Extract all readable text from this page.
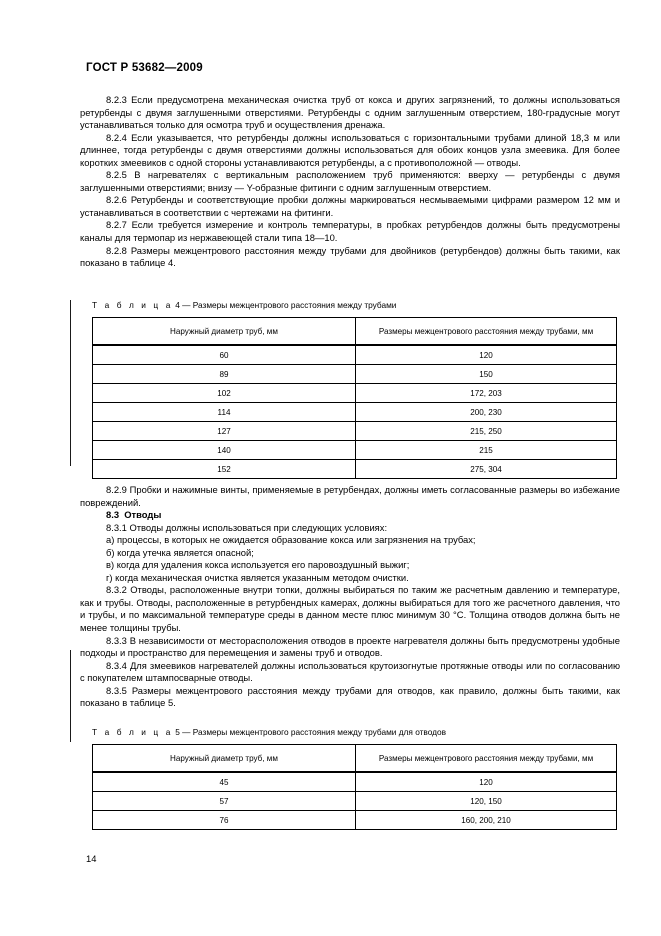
ГОСТ Р 53682—2009

8.2.3 Если предусмотрена механическая очистка труб от кокса и других загрязнений, то должны использоваться ретурбенды с двумя заглушенными отверстиями. Ретурбенды с одним заглушенным отверстием, 180-градусные могут устанавливаться только для осмотра труб и осуществления дренажа.

8.2.4 Если указывается, что ретурбенды должны использоваться с горизонтальными трубами длиной 18,3 м или длиннее, тогда ретурбенды с двумя отверстиями должны использоваться для обоих концов узла змеевика. Для более коротких змеевиков с одной стороны устанавливаются ретурбенды, а с противоположной — отводы.

8.2.5 В нагревателях с вертикальным расположением труб применяются: вверху — ретурбенды с двумя заглушенными отверстиями; внизу — Y-образные фитинги с одним заглушенным отверстием.

8.2.6 Ретурбенды и соответствующие пробки должны маркироваться несмываемыми цифрами размером 12 мм и устанавливаться в соответствии с чертежами на фитинги.

8.2.7 Если требуется измерение и контроль температуры, в пробках ретурбендов должны быть предусмотрены каналы для термопар из нержавеющей стали типа 18—10.

8.2.8 Размеры межцентрового расстояния между трубами для двойников (ретурбендов) должны быть такими, как показано в таблице 4.

Т а б л и ц а 4 — Размеры межцентрового расстояния между трубами

Наружный диаметр труб, мм	Размеры межцентрового расстояния между трубами, мм
60	120
89	150
102	172, 203
114	200, 230
127	215, 250
140	215
152	275, 304

8.2.9 Пробки и нажимные винты, применяемые в ретурбендах, должны иметь согласованные размеры во избежание повреждений.

8.3 Отводы

8.3.1 Отводы должны использоваться при следующих условиях:

а) процессы, в которых не ожидается образование кокса или загрязнения на трубах;

б) когда утечка является опасной;

в) когда для удаления кокса используется его паровоздушный выжиг;

г) когда механическая очистка является указанным методом очистки.

8.3.2 Отводы, расположенные внутри топки, должны выбираться по таким же расчетным давлению и температуре, как и трубы. Отводы, расположенные в ретурбендных камерах, должны выбираться для того же расчетного давления, что и трубы, и по максимальной температуре среды в данном месте плюс минимум 30 °C. Толщина отводов должна быть не менее толщины трубы.

8.3.3 В независимости от месторасположения отводов в проекте нагревателя должны быть предусмотрены удобные подходы и пространство для перемещения и замены труб и отводов.

8.3.4 Для змеевиков нагревателей должны использоваться крутоизогнутые протяжные отводы или по согласованию с покупателем штампосварные отводы.

8.3.5 Размеры межцентрового расстояния между трубами для отводов, как правило, должны быть такими, как показано в таблице 5.

Т а б л и ц а 5 — Размеры межцентрового расстояния между трубами для отводов

Наружный диаметр труб, мм	Размеры межцентрового расстояния между трубами, мм
45	120
57	120, 150
76	160, 200, 210
14
